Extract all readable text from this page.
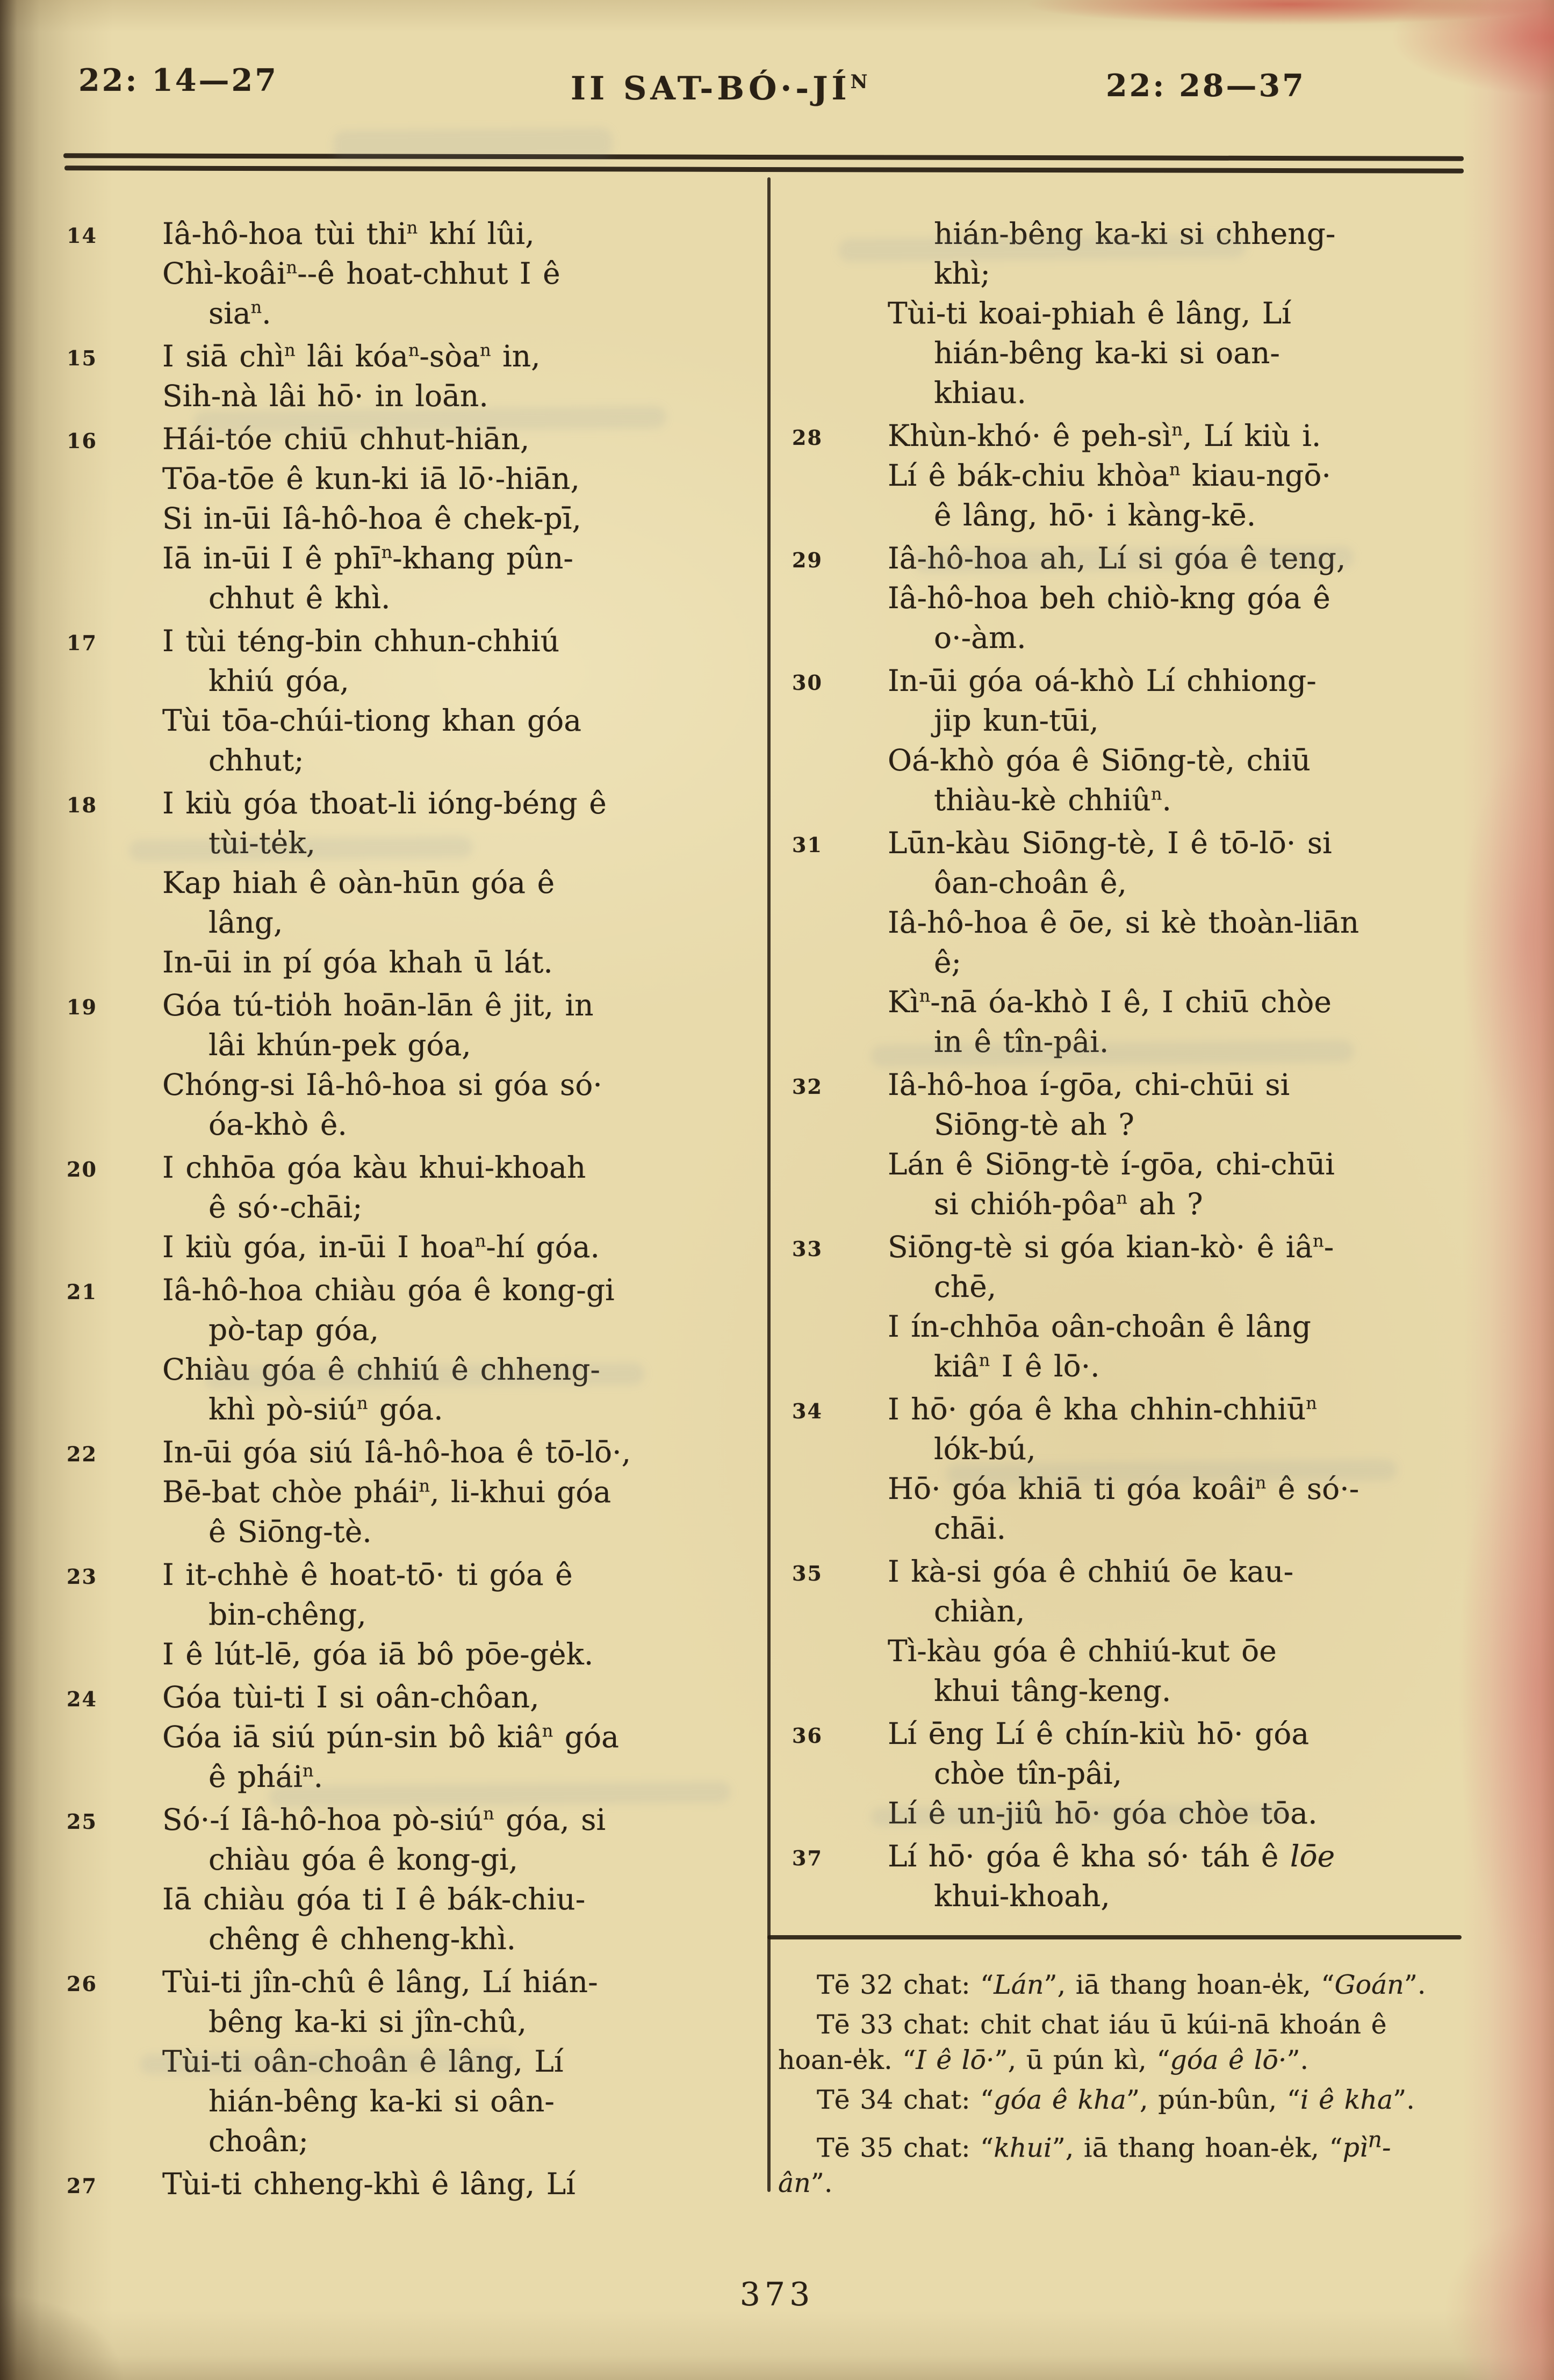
22: 14—27	II SAT-$BÓ\cdot-JÍ^N$	22: 28—37
14 Iâ-hô-hoa tùi thi$^n$ khí lûi,
Chì-koâi$^n$--ê hoat-chhut I ê
sia$^n$.
15 I siā chì$^n$ lâi kóa$^n$-sòa$^n$ in,
Sih-nà lâi hō· in loān.
16 Hái-tóe chiū chhut-hiān,
Tōa-tōe ê kun-ki iā lō·-hiān,
Si in-ūi Iâ-hô-hoa ê chek-pī,
Iā in-ūi I ê phī$^n$-khang pûn-
chhut ê khì.
17 I tùi téng-bin chhun-chhiú
khiú góa,
Tùi tōa-chúi-tiong khan góa
chhut;
18 I kiù góa thoat-li ióng-béng ê
tùi-te̍k,
Kap hiah ê oàn-hūn góa ê
lâng,
In-ūi in pí góa khah ū lát.
19 Góa tú-tio̍h hoān-lān ê jit, in
lâi khún-pek góa,
Chóng-si Iâ-hô-hoa si góa só·
óa-khò ê.
20 I chhōa góa kàu khui-khoah
ê só·-chāi;
I kiù góa, in-ūi I hoa$^n$-hí góa.
21 Iâ-hô-hoa chiàu góa ê kong-gi
pò-tap góa,
Chiàu góa ê chhiú ê chheng-
khì pò-siú$^n$ góa.
22 In-ūi góa siú Iâ-hô-hoa ê tō-lō·,
Bē-bat chòe phái$^n$, li-khui góa
ê Siōng-tè.
23 I it-chhè ê hoat-tō· ti góa ê
bin-chêng,
I ê lút-lē, góa iā bô pōe-ge̍k.
24 Góa tùi-ti I si oân-chôan,
Góa iā siú pún-sin bô kiâ$^n$ góa
ê phái$^n$.
25 Só·-í Iâ-hô-hoa pò-siú$^n$ góa, si
chiàu góa ê kong-gi,
Iā chiàu góa ti I ê bák-chiu-
chêng ê chheng-khì.
26 Tùi-ti jîn-chû ê lâng, Lí hián-
bêng ka-ki si jîn-chû,
Tùi-ti oân-choân ê lâng, Lí
hián-bêng ka-ki si oân-
choân;
27 Tùi-ti chheng-khì ê lâng, Lí
hián-bêng ka-ki si chheng-
khì;
Tùi-ti koai-phiah ê lâng, Lí
hián-bêng ka-ki si oan-
khiau.
28 Khùn-khó· ê peh-$sì^n$, Lí kiù i.
Lí ê bák-chiu khòa$^n$ kiau-ngō·
ê lâng, hō· i kàng-kē.
29 Iâ-hô-hoa ah, Lí si góa ê teng,
Iâ-hô-hoa beh chiò-kng góa ê
o·-àm.
30 In-ūi góa oá-khò Lí chhiong-
jip kun-tūi,
Oá-khò góa ê Siōng-tè, chiū
thiàu-kè chhiû$^n$.
31 Lūn-kàu Siōng-tè, I ê tō-lō· si
ôan-choân ê,
Iâ-hô-hoa ê ōe, si kè thoàn-liān
ê;
$Kì^n-nā$ óa-khò I ê, I chiū chòe
in ê tîn-pâi.
32 Iâ-hô-hoa í-gōa, chi-chūi si
Siōng-tè ah ?
Lán ê Siōng-tè í-gōa, chi-chūi
si chióh-pôa$^n$ ah ?
33 Siōng-tè si góa kian-kò· ê $iâ^n-$
chē,
I ín-chhōa oân-choân ê lâng
kiâ$^n$ I ê lō·.
34 I hō· góa ê kha chhin-chhiū$^n$
lók-bú,
Hō· góa khiā ti góa koâi$^n$ ê só·-
chāi.
35 I kà-si góa ê chhiú ōe kau-
chiàn,
Tì-kàu góa ê chhiú-kut ōe
khui tâng-keng.
36 Lí ēng Lí ê chín-kiù hō· góa
chòe tîn-pâi,
Lí ê un-jiû hō· góa chòe tōa.
37 Lí hō· góa ê kha só· táh ê lōe
khui-khoah,

Tē 32 chat: “Lán”, iā thang hoan-e̍k, “Goán”.

Tē 33 chat: chit chat iáu ū kúi-nā khoán ê hoan-e̍k. “I ê lō·”, ū pún kì, “góa ê lō·”.

Tē 34 chat: “góa ê kha”, pún-bûn, “i ê kha”.

Tē 35 chat: “khui”, iā thang hoan-e̍k, “$pì^n-ân$”.

373
